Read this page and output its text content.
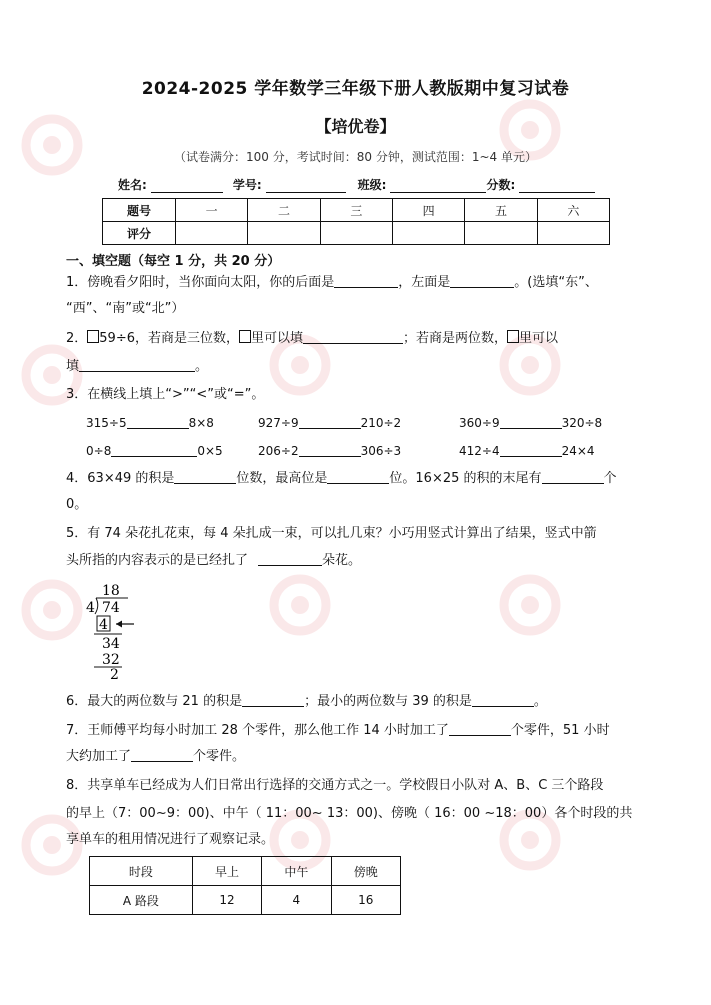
2024-2025 学年数学三年级下册人教版期中复习试卷
【培优卷】
（试卷满分：100 分，考试时间：80 分钟，测试范围：1~4 单元）
姓名:	学号:	班级:	分数:
题号	一	二	三	四	五	六
评分						
一、填空题（每空 1 分，共 20 分）
1．傍晚看夕阳时，当你面向太阳，你的后面是	，左面是	。(选填“东”、
“西”、“南”或“北”）
2． 59÷6，若商是三位数， 里可以填	；若商是两位数， 里可以
填	。
3．在横线上填上“>”“<”或“=”。
315÷5	8×8	927÷9	210÷2	360÷9	320÷8
0÷8	0×5	206÷2	306÷3	412÷4	24×4
4．63×49 的积是	位数，最高位是	位。16×25 的积的末尾有	个
0。
5．有 74 朵花扎花束，每 4 朵扎成一束，可以扎几束？小巧用竖式计算出了结果，竖式中箭
头所指的内容表示的是已经扎了	朵花。
18
4 74
4
34
32
2
6．最大的两位数与 21 的积是	；最小的两位数与 39 的积是	。
7．王师傅平均每小时加工 28 个零件，那么他工作 14 小时加工了	个零件，51 小时
大约加工了	个零件。
8．共享单车已经成为人们日常出行选择的交通方式之一。学校假日小队对 A、B、C 三个路段
的早上（7：00~9：00)、中午（ 11：00~ 13：00)、傍晚（ 16：00 ~18：00）各个时段的共
享单车的租用情况进行了观察记录。
时段	早上	中午	傍晚
A 路段	12	4	16
